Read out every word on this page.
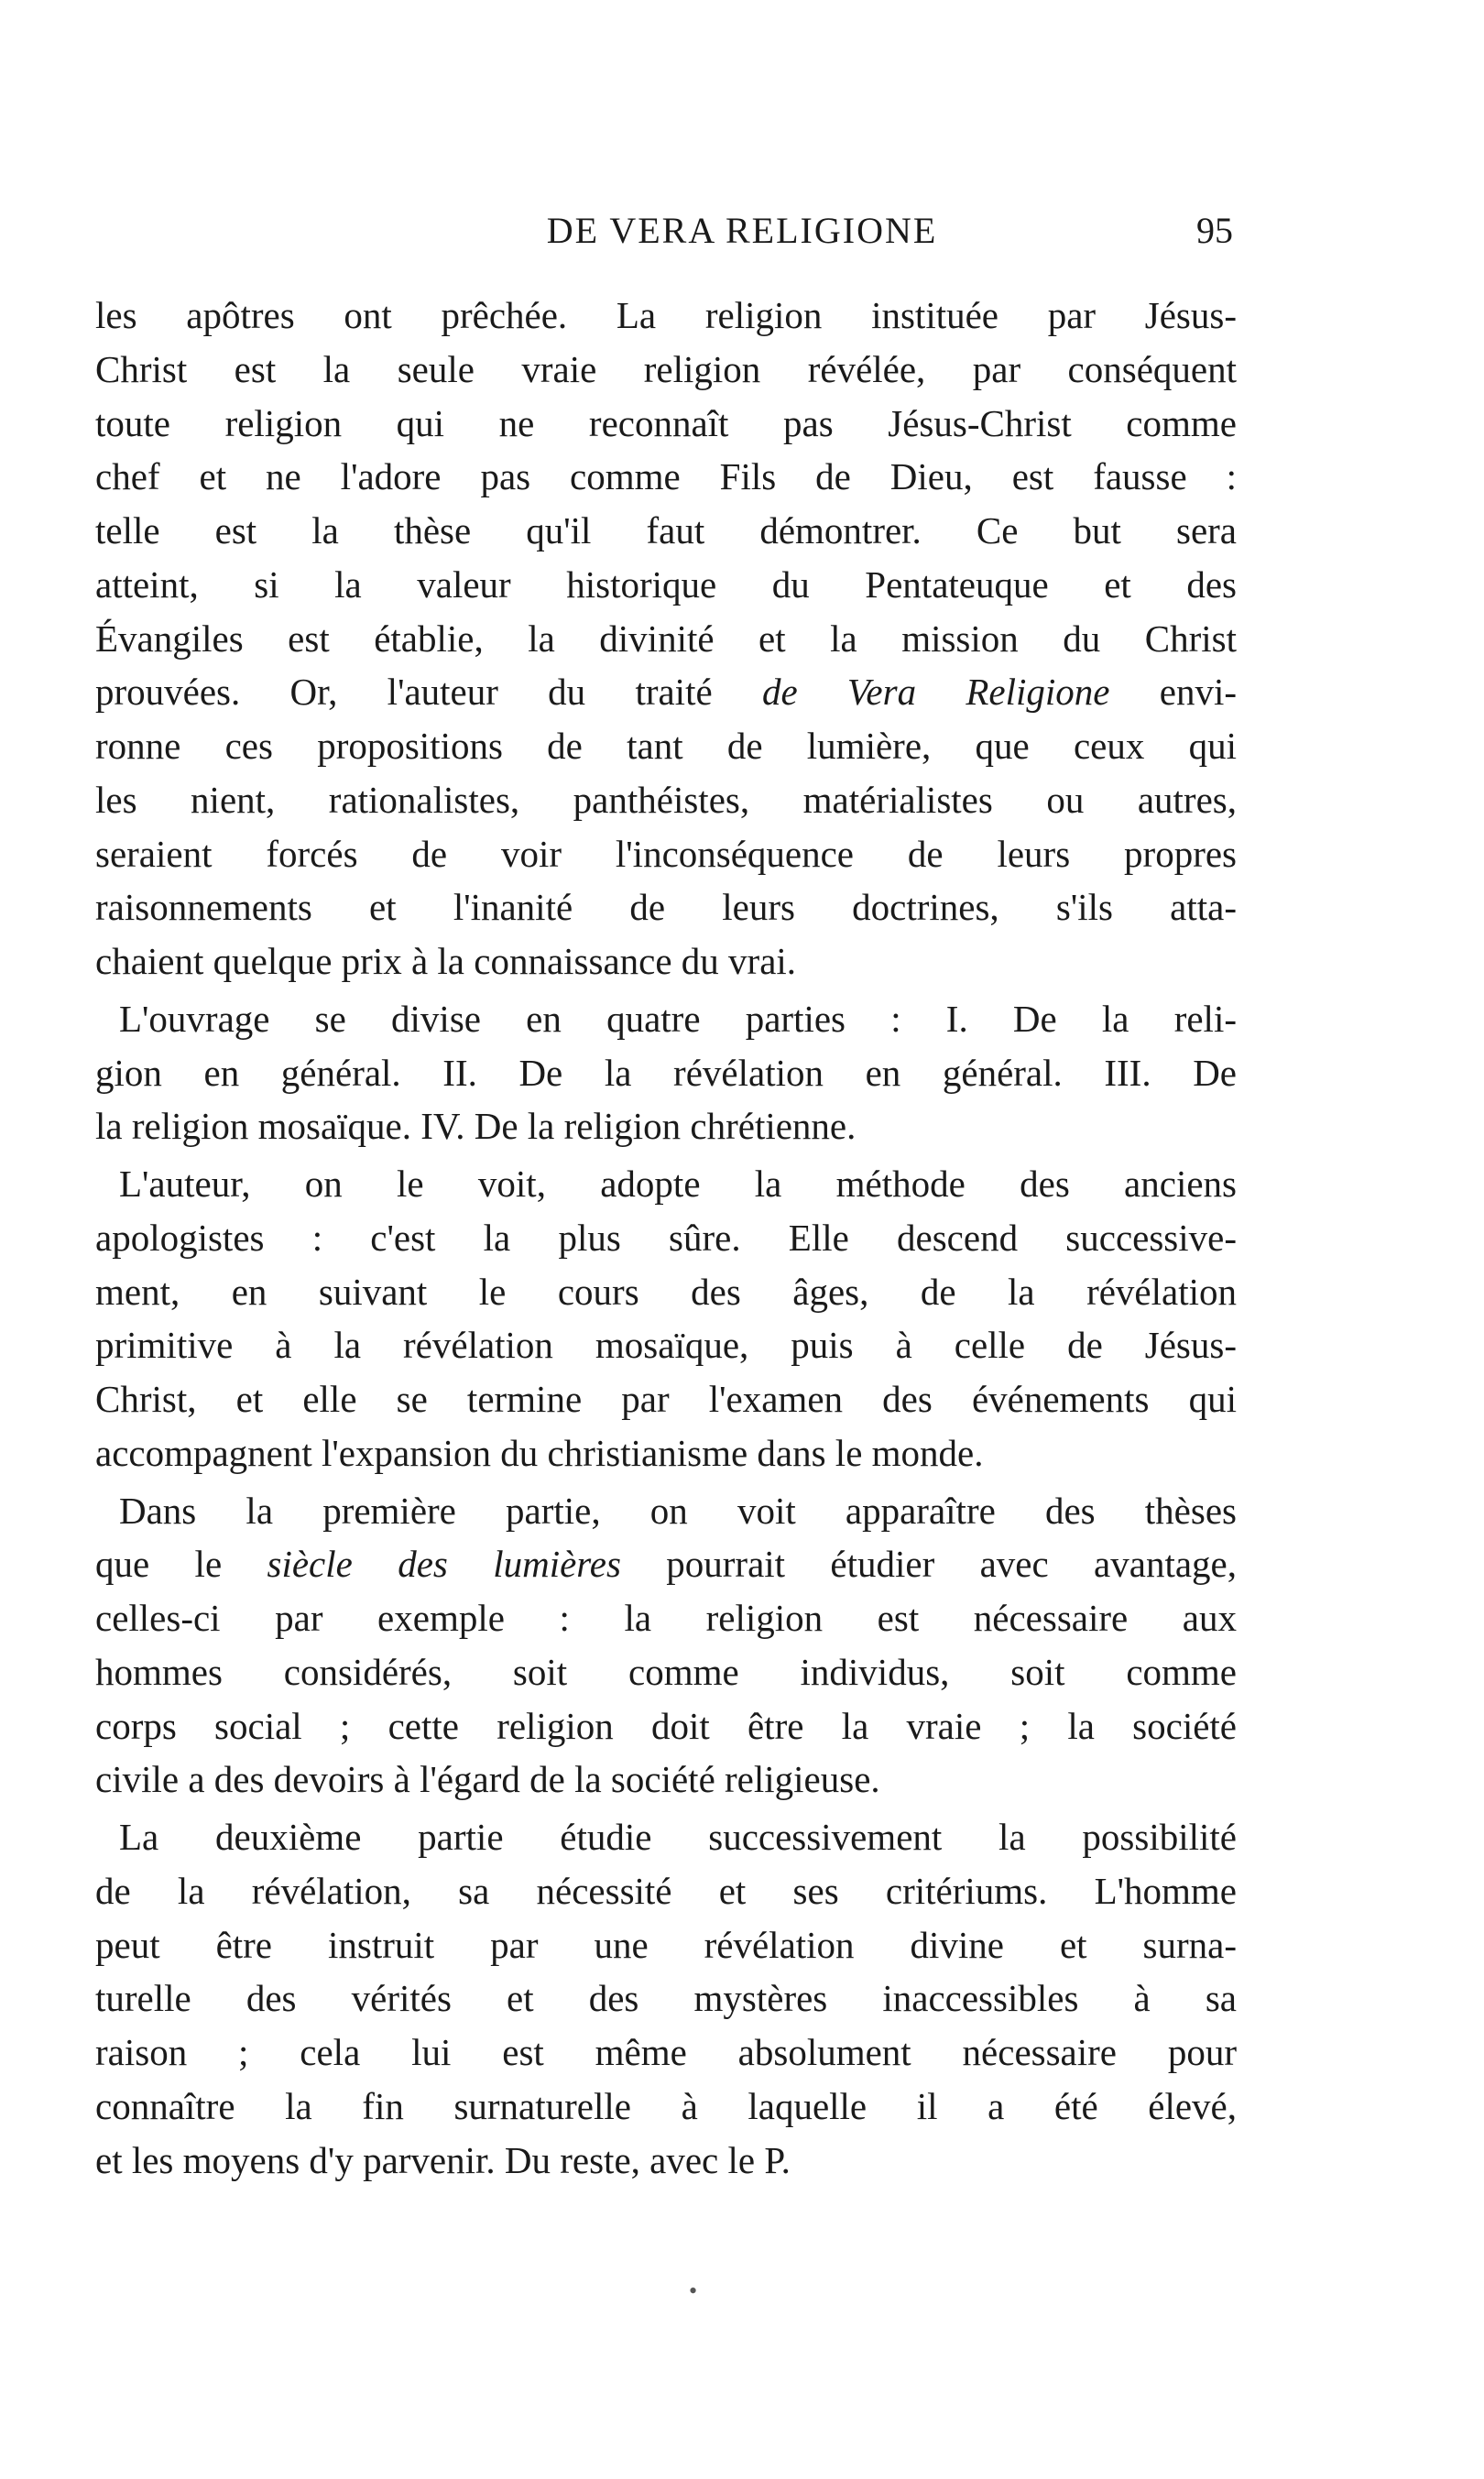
DE VERA RELIGIONE	95
les apôtres ont prêchée. La religion instituée par Jésus-
Christ est la seule vraie religion révélée, par conséquent
toute religion qui ne reconnaît pas Jésus-Christ comme
chef et ne l'adore pas comme Fils de Dieu, est fausse :
telle est la thèse qu'il faut démontrer. Ce but sera
atteint, si la valeur historique du Pentateuque et des
Évangiles est établie, la divinité et la mission du Christ
prouvées. Or, l'auteur du traité de Vera Religione envi-
ronne ces propositions de tant de lumière, que ceux qui
les nient, rationalistes, panthéistes, matérialistes ou autres,
seraient forcés de voir l'inconséquence de leurs propres
raisonnements et l'inanité de leurs doctrines, s'ils atta-
chaient quelque prix à la connaissance du vrai.
L'ouvrage se divise en quatre parties : I. De la reli-
gion en général. II. De la révélation en général. III. De
la religion mosaïque. IV. De la religion chrétienne.
L'auteur, on le voit, adopte la méthode des anciens
apologistes : c'est la plus sûre. Elle descend successive-
ment, en suivant le cours des âges, de la révélation
primitive à la révélation mosaïque, puis à celle de Jésus-
Christ, et elle se termine par l'examen des événements qui
accompagnent l'expansion du christianisme dans le monde.
Dans la première partie, on voit apparaître des thèses
que le siècle des lumières pourrait étudier avec avantage,
celles-ci par exemple : la religion est nécessaire aux
hommes considérés, soit comme individus, soit comme
corps social ; cette religion doit être la vraie ; la société
civile a des devoirs à l'égard de la société religieuse.
La deuxième partie étudie successivement la possibilité
de la révélation, sa nécessité et ses critériums. L'homme
peut être instruit par une révélation divine et surna-
turelle des vérités et des mystères inaccessibles à sa
raison ; cela lui est même absolument nécessaire pour
connaître la fin surnaturelle à laquelle il a été élevé,
et les moyens d'y parvenir. Du reste, avec le P.
•
